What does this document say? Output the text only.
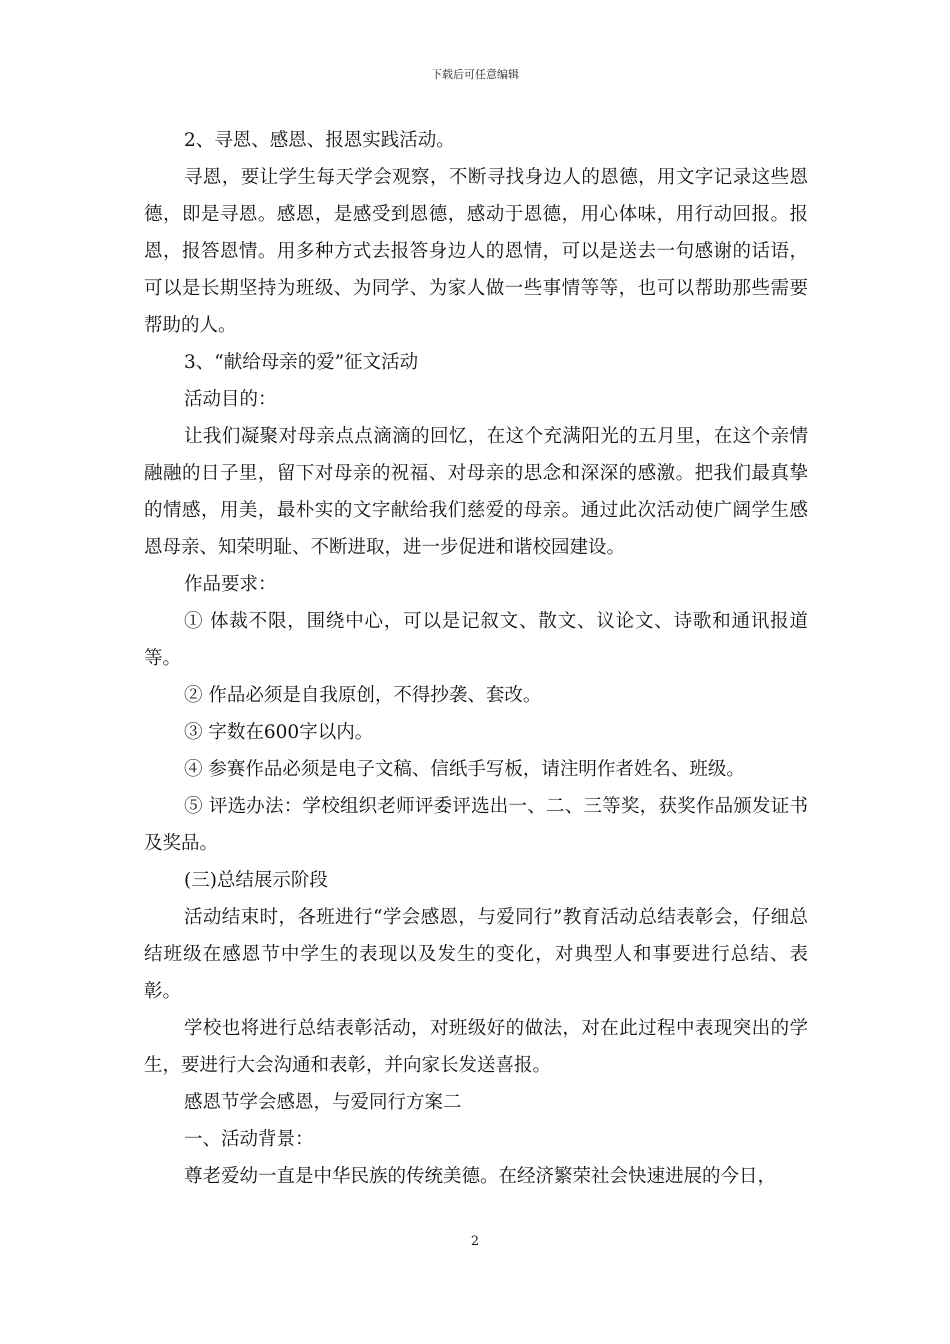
下载后可任意编辑

2、寻恩、感恩、报恩实践活动。

寻恩，要让学生每天学会观察，不断寻找身边人的恩德，用文字记录这些恩德，即是寻恩。感恩，是感受到恩德，感动于恩德，用心体味，用行动回报。报恩，报答恩情。用多种方式去报答身边人的恩情，可以是送去一句感谢的话语，可以是长期坚持为班级、为同学、为家人做一些事情等等，也可以帮助那些需要帮助的人。

3、“献给母亲的爱”征文活动

活动目的：

让我们凝聚对母亲点点滴滴的回忆，在这个充满阳光的五月里，在这个亲情融融的日子里，留下对母亲的祝福、对母亲的思念和深深的感激。把我们最真挚的情感，用美，最朴实的文字献给我们慈爱的母亲。通过此次活动使广阔学生感恩母亲、知荣明耻、不断进取，进一步促进和谐校园建设。

作品要求：

① 体裁不限，围绕中心，可以是记叙文、散文、议论文、诗歌和通讯报道等。

② 作品必须是自我原创，不得抄袭、套改。

③ 字数在600字以内。

④ 参赛作品必须是电子文稿、信纸手写板，请注明作者姓名、班级。

⑤ 评选办法：学校组织老师评委评选出一、二、三等奖，获奖作品颁发证书及奖品。

(三)总结展示阶段

活动结束时，各班进行“学会感恩，与爱同行”教育活动总结表彰会，仔细总结班级在感恩节中学生的表现以及发生的变化，对典型人和事要进行总结、表彰。

学校也将进行总结表彰活动，对班级好的做法，对在此过程中表现突出的学生，要进行大会沟通和表彰，并向家长发送喜报。

感恩节学会感恩，与爱同行方案二

一、活动背景：

尊老爱幼一直是中华民族的传统美德。在经济繁荣社会快速进展的今日，

2
